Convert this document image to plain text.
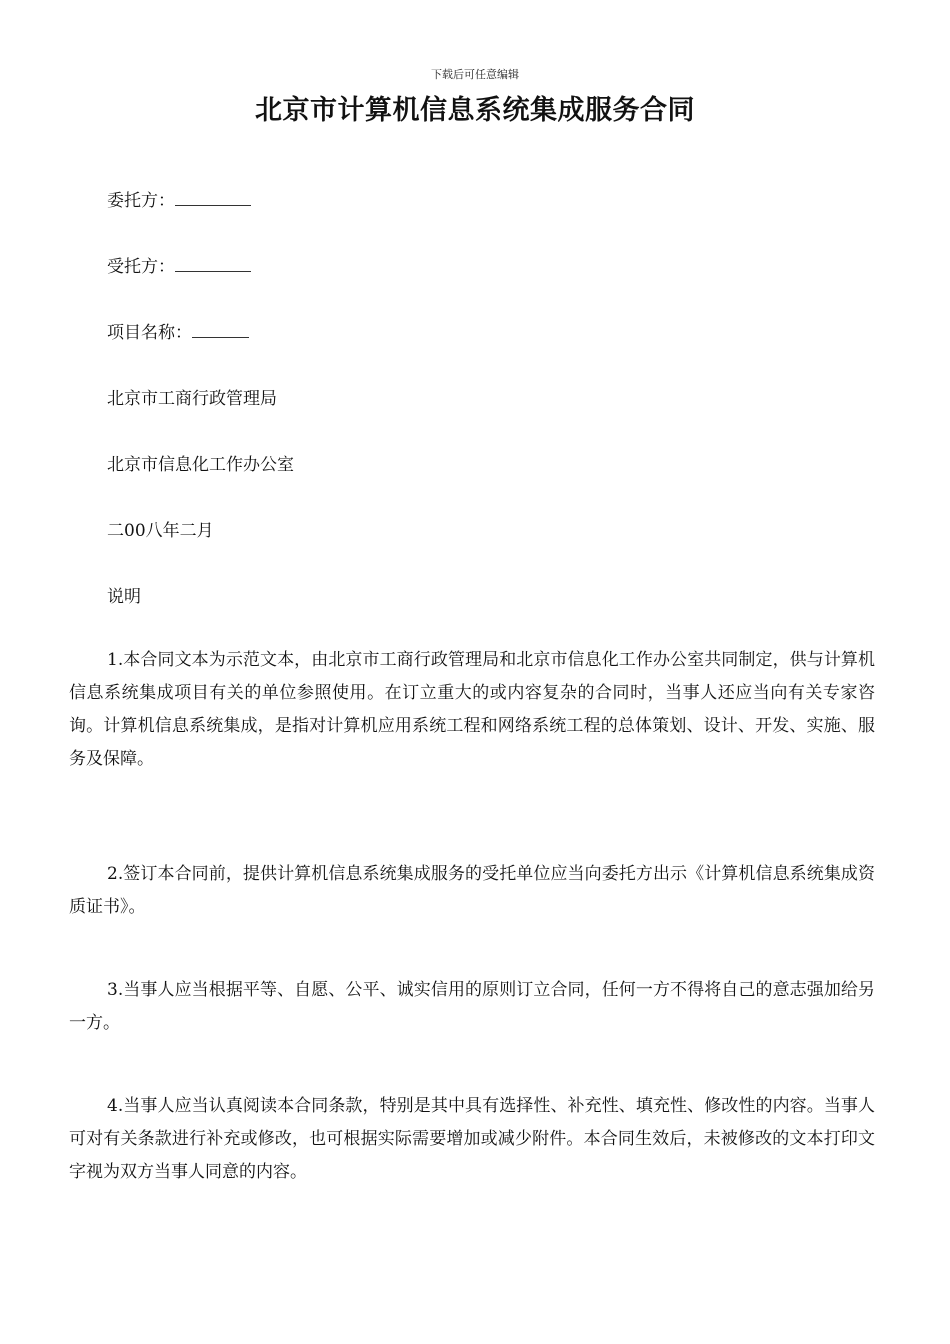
下载后可任意编辑
北京市计算机信息系统集成服务合同
委托方：
受托方：
项目名称：
北京市工商行政管理局
北京市信息化工作办公室
二00八年二月
说明
1.本合同文本为示范文本，由北京市工商行政管理局和北京市信息化工作办公室共同制定，供与计算机信息系统集成项目有关的单位参照使用。在订立重大的或内容复杂的合同时，当事人还应当向有关专家咨询。计算机信息系统集成，是指对计算机应用系统工程和网络系统工程的总体策划、设计、开发、实施、服务及保障。
2.签订本合同前，提供计算机信息系统集成服务的受托单位应当向委托方出示《计算机信息系统集成资质证书》。
3.当事人应当根据平等、自愿、公平、诚实信用的原则订立合同，任何一方不得将自己的意志强加给另一方。
4.当事人应当认真阅读本合同条款，特别是其中具有选择性、补充性、填充性、修改性的内容。当事人可对有关条款进行补充或修改，也可根据实际需要增加或减少附件。本合同生效后，未被修改的文本打印文字视为双方当事人同意的内容。
